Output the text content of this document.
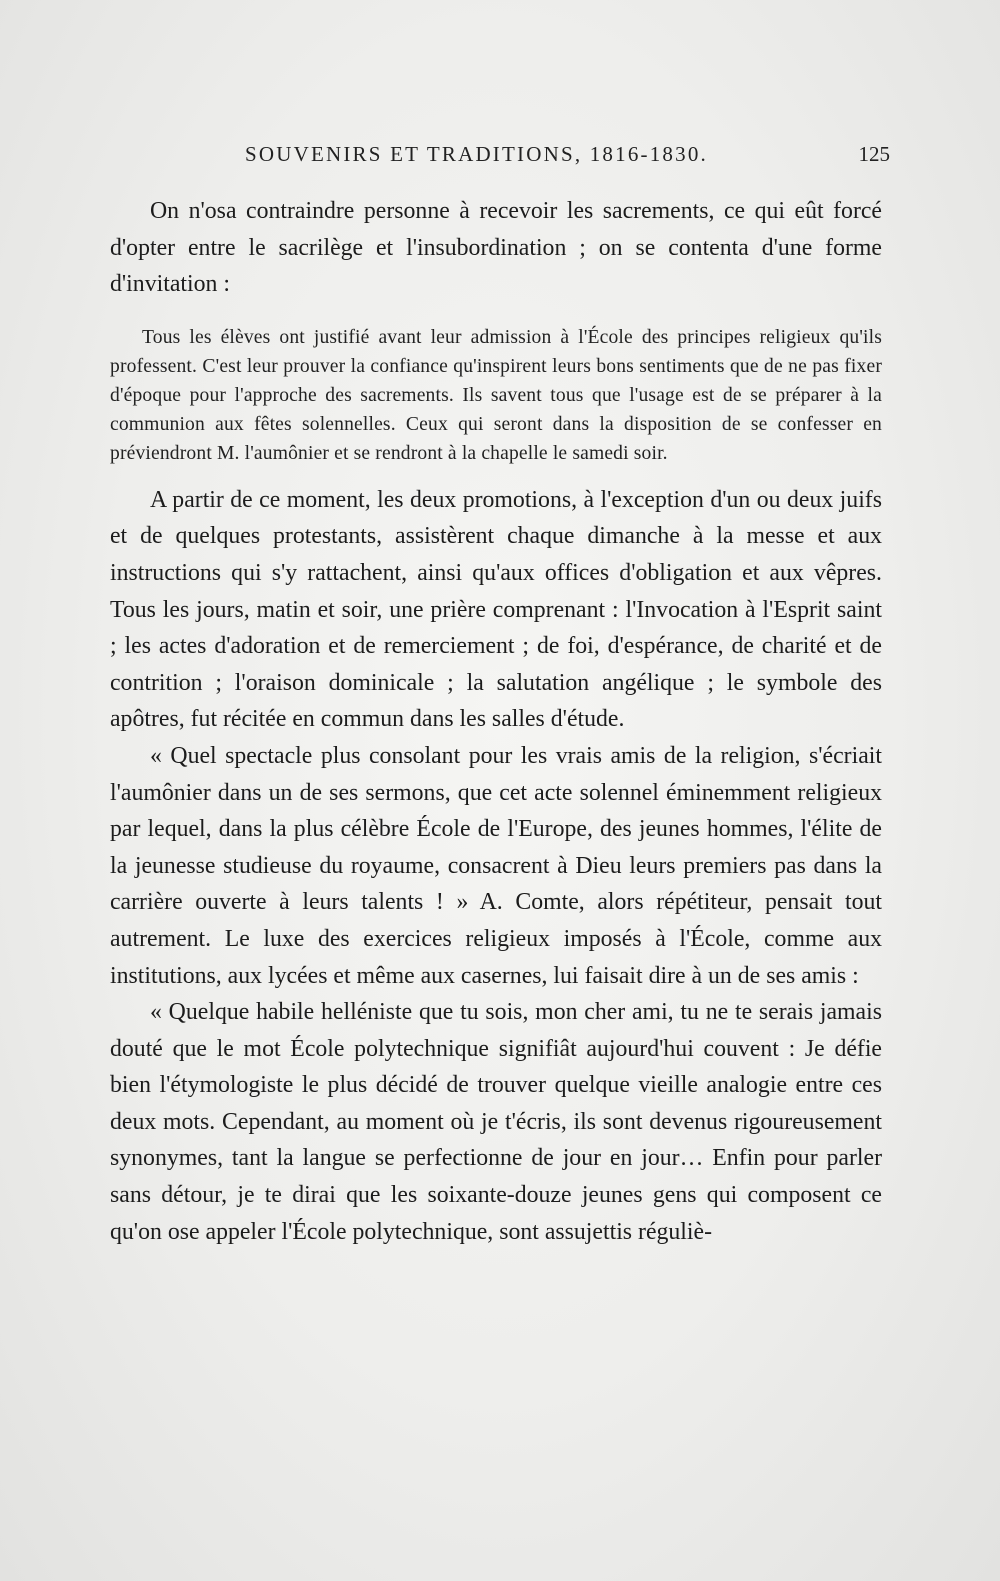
SOUVENIRS ET TRADITIONS, 1816-1830.	125

On n'osa contraindre personne à recevoir les sacrements, ce qui eût forcé d'opter entre le sacrilège et l'insubordination ; on se contenta d'une forme d'invitation :

Tous les élèves ont justifié avant leur admission à l'École des principes religieux qu'ils professent. C'est leur prouver la confiance qu'inspirent leurs bons sentiments que de ne pas fixer d'époque pour l'approche des sacrements. Ils savent tous que l'usage est de se préparer à la communion aux fêtes solennelles. Ceux qui seront dans la disposition de se confesser en préviendront M. l'aumônier et se rendront à la chapelle le samedi soir.

A partir de ce moment, les deux promotions, à l'exception d'un ou deux juifs et de quelques protestants, assistèrent chaque dimanche à la messe et aux instructions qui s'y rattachent, ainsi qu'aux offices d'obligation et aux vêpres. Tous les jours, matin et soir, une prière comprenant : l'Invocation à l'Esprit saint ; les actes d'adoration et de remerciement ; de foi, d'espérance, de charité et de contrition ; l'oraison dominicale ; la salutation angélique ; le symbole des apôtres, fut récitée en commun dans les salles d'étude.

« Quel spectacle plus consolant pour les vrais amis de la religion, s'écriait l'aumônier dans un de ses sermons, que cet acte solennel éminemment religieux par lequel, dans la plus célèbre École de l'Europe, des jeunes hommes, l'élite de la jeunesse studieuse du royaume, consacrent à Dieu leurs premiers pas dans la carrière ouverte à leurs talents ! » A. Comte, alors répétiteur, pensait tout autrement. Le luxe des exercices religieux imposés à l'École, comme aux institutions, aux lycées et même aux casernes, lui faisait dire à un de ses amis :

« Quelque habile helléniste que tu sois, mon cher ami, tu ne te serais jamais douté que le mot École polytechnique signifiât aujourd'hui couvent : Je défie bien l'étymologiste le plus décidé de trouver quelque vieille analogie entre ces deux mots. Cependant, au moment où je t'écris, ils sont devenus rigoureusement synonymes, tant la langue se perfectionne de jour en jour… Enfin pour parler sans détour, je te dirai que les soixante-douze jeunes gens qui composent ce qu'on ose appeler l'École polytechnique, sont assujettis réguliè-
